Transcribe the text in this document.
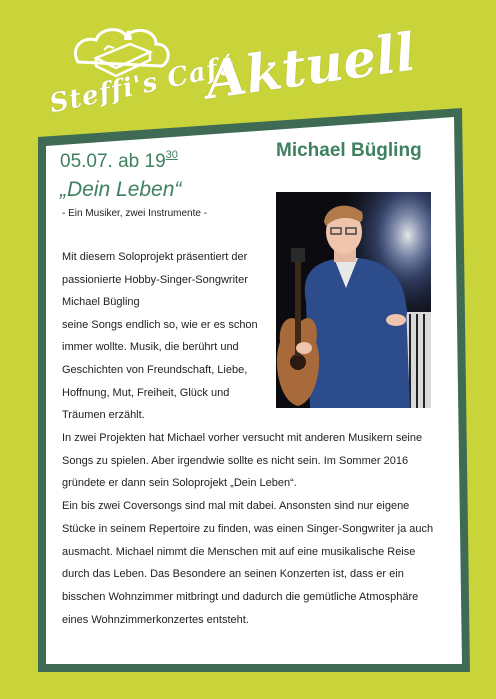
Steffi's Café
Aktuell
05.07. ab $19^{30}$	Michael Bügling
„Dein Leben“
- Ein Musiker, zwei Instrumente -

Mit diesem Soloprojekt präsentiert der

passionierte Hobby-Singer-Songwriter

Michael Bügling

seine Songs endlich so, wie er es schon

immer wollte. Musik, die berührt und

Geschichten von Freundschaft, Liebe,

Hoffnung, Mut, Freiheit, Glück und

Träumen erzählt.

In zwei Projekten hat Michael vorher versucht mit anderen Musikern seine

Songs zu spielen. Aber irgendwie sollte es nicht sein. Im Sommer 2016

gründete er dann sein Soloprojekt „Dein Leben“.

Ein bis zwei Coversongs sind mal mit dabei. Ansonsten sind nur eigene

Stücke in seinem Repertoire zu finden, was einen Singer-Songwriter ja auch

ausmacht. Michael nimmt die Menschen mit auf eine musikalische Reise

durch das Leben. Das Besondere an seinen Konzerten ist, dass er ein

bisschen Wohnzimmer mitbringt und dadurch die gemütliche Atmosphäre

eines Wohnzimmerkonzertes entsteht.
